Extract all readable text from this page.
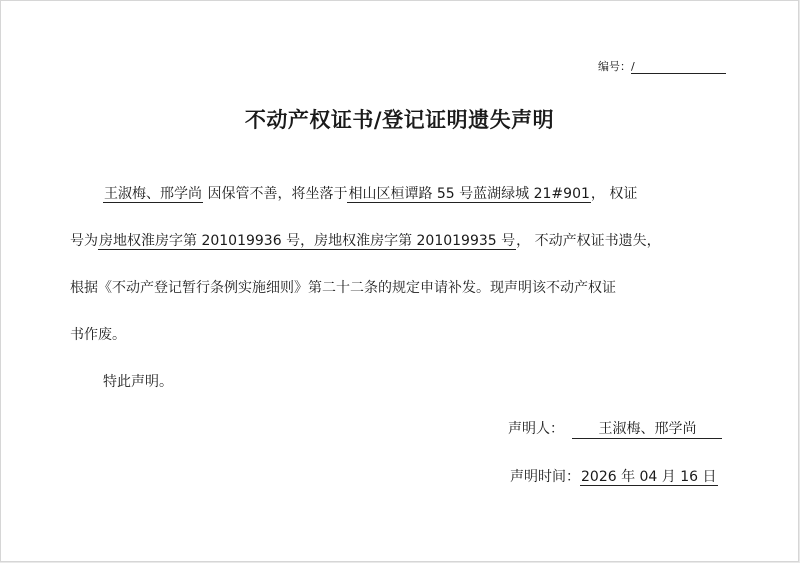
编号：/
不动产权证书/登记证明遗失声明
王淑梅、邢学尚 因保管不善，将坐落于相山区桓谭路 55 号蓝湖绿城 21#901， 权证
号为房地权淮房字第 201019936 号，房地权淮房字第 201019935 号， 不动产权证书遗失，
根据《不动产登记暂行条例实施细则》第二十二条的规定申请补发。现声明该不动产权证
书作废。
特此声明。
声明人： 王淑梅、邢学尚
声明时间：2026 年 04 月 16 日
